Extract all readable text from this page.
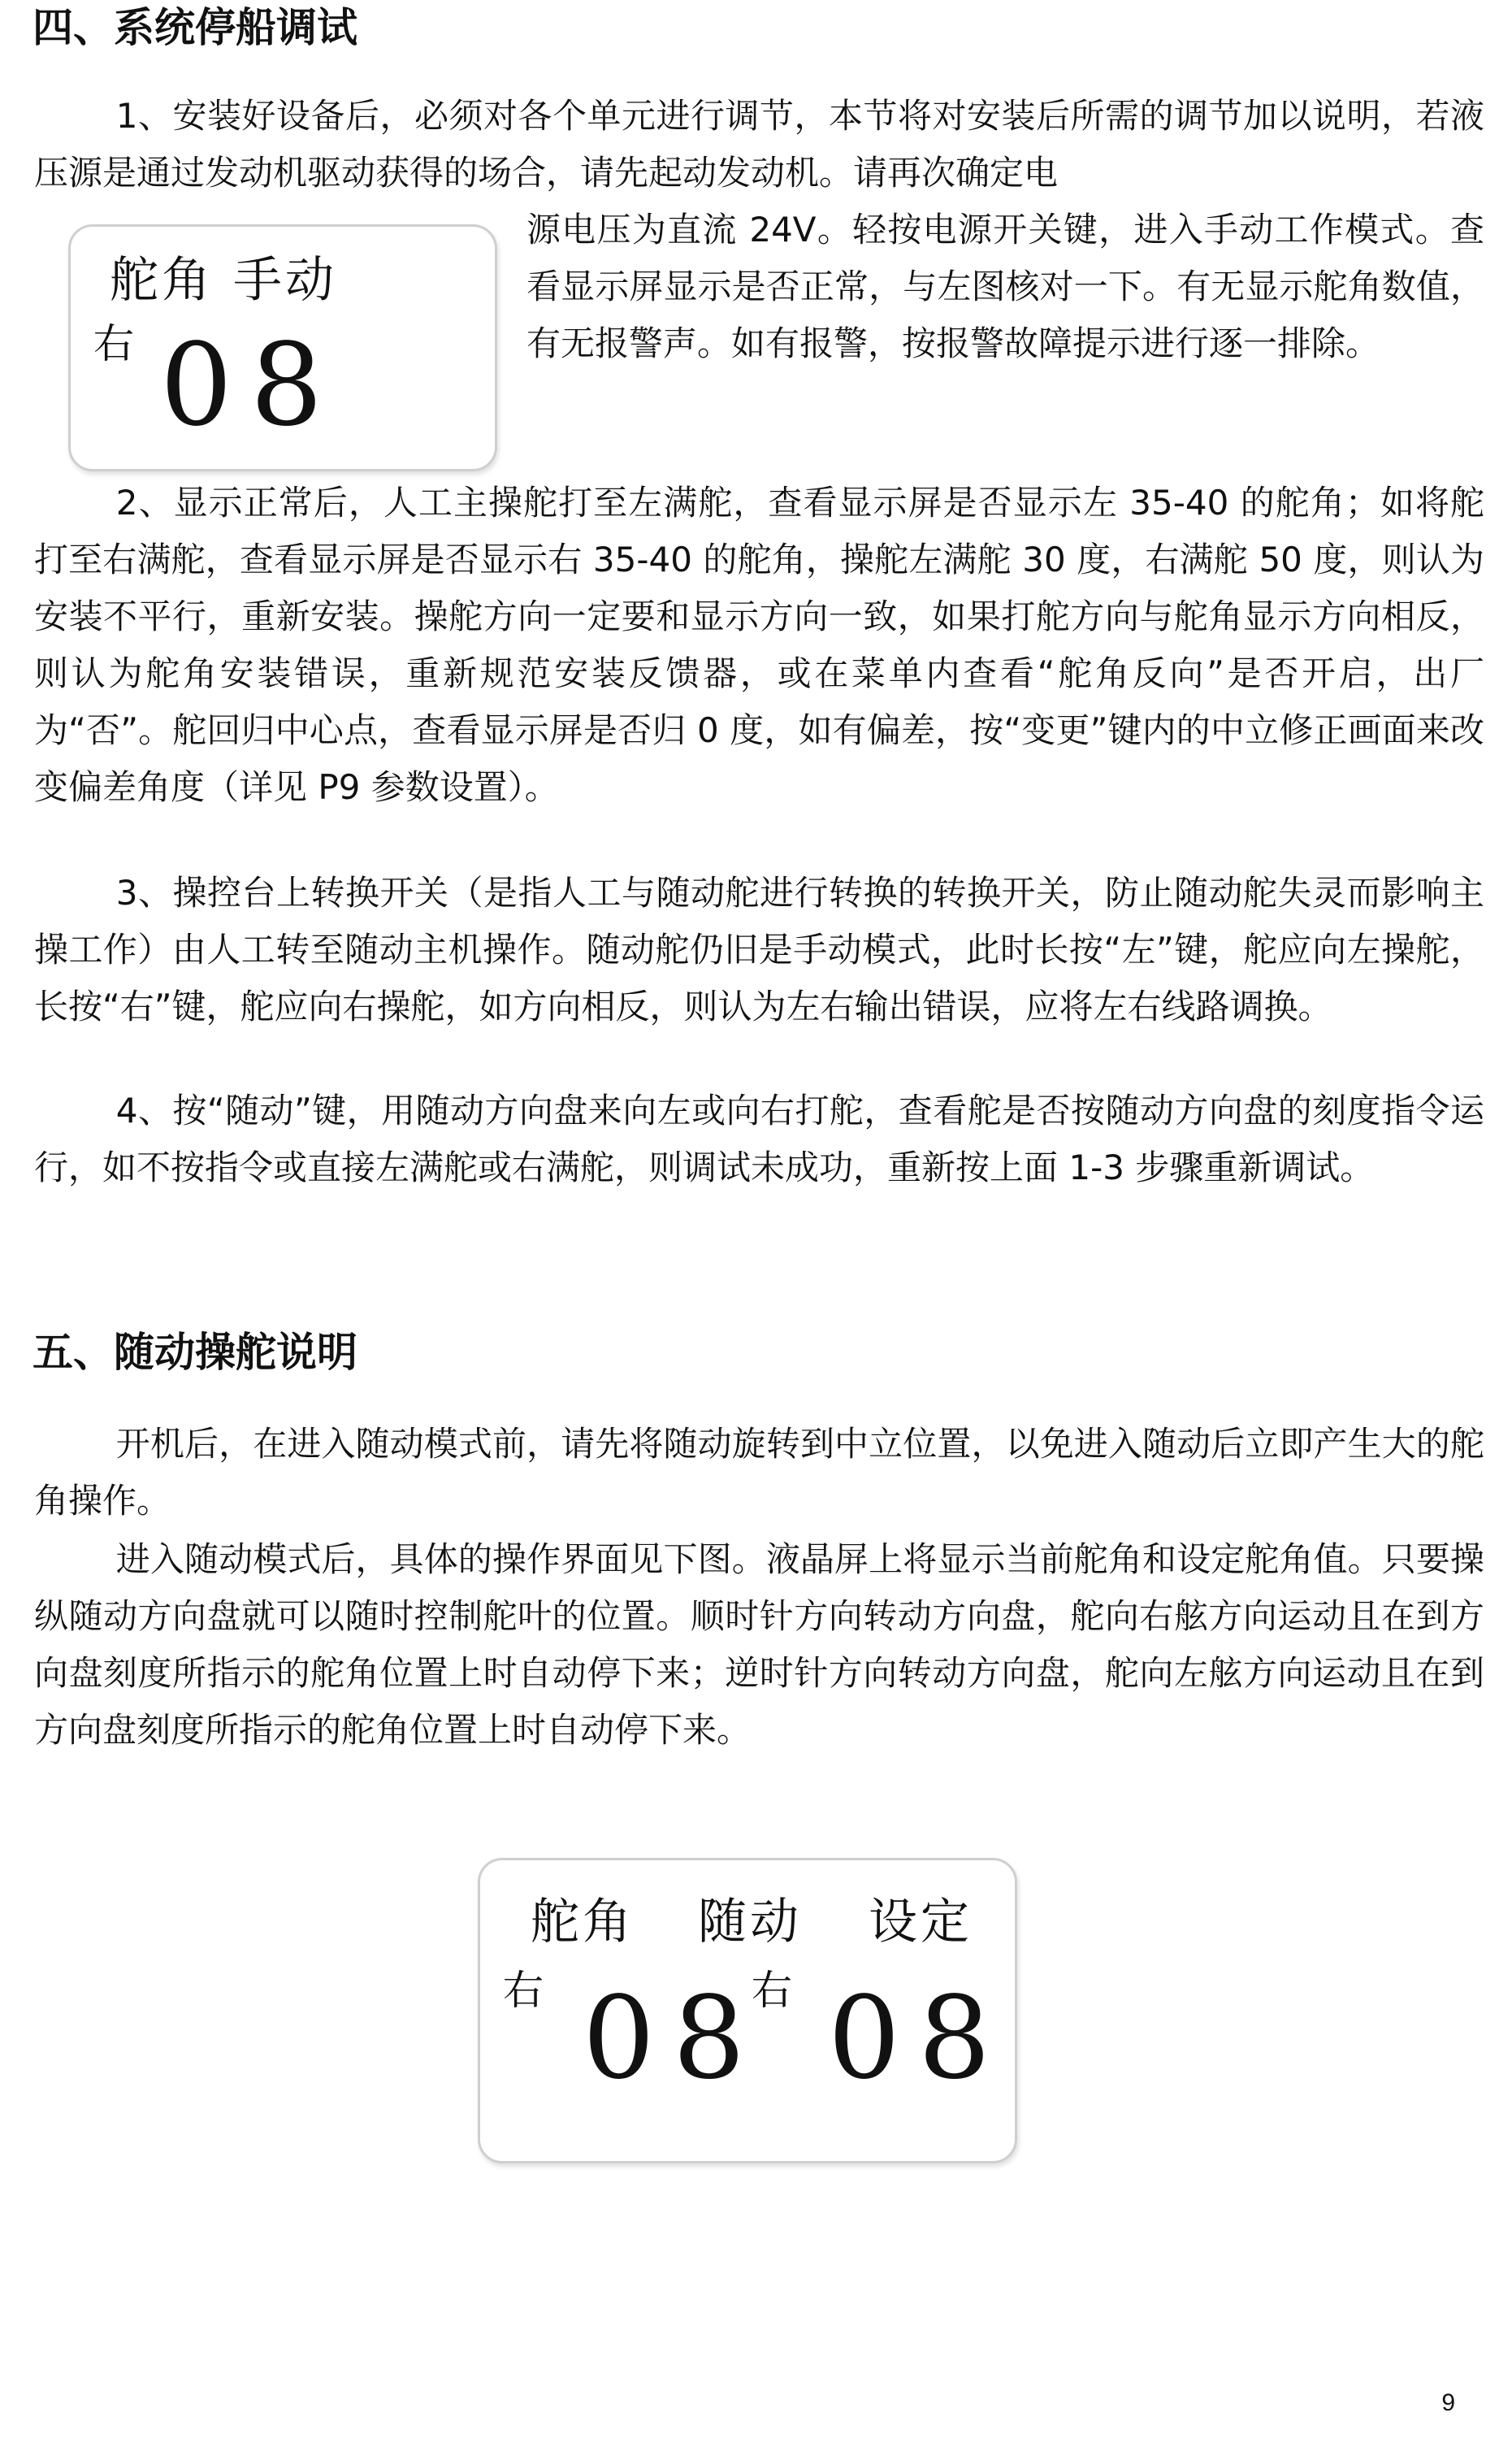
四、系统停船调试

1、安装好设备后，必须对各个单元进行调节，本节将对安装后所需的调节加以说明，若液压源是通过发动机驱动获得的场合，请先起动发动机。请再次确定电

舵角 手动
右 08

源电压为直流 24V。轻按电源开关键，进入手动工作模式。查看显示屏显示是否正常，与左图核对一下。有无显示舵角数值，有无报警声。如有报警，按报警故障提示进行逐一排除。

2、显示正常后，人工主操舵打至左满舵，查看显示屏是否显示左 35-40 的舵角；如将舵打至右满舵，查看显示屏是否显示右 35-40 的舵角，操舵左满舵 30 度，右满舵 50 度，则认为安装不平行，重新安装。操舵方向一定要和显示方向一致，如果打舵方向与舵角显示方向相反，则认为舵角安装错误，重新规范安装反馈器，或在菜单内查看“舵角反向”是否开启，出厂为“否”。舵回归中心点，查看显示屏是否归 0 度，如有偏差，按“变更”键内的中立修正画面来改变偏差角度（详见 P9 参数设置）。

3、操控台上转换开关（是指人工与随动舵进行转换的转换开关，防止随动舵失灵而影响主操工作）由人工转至随动主机操作。随动舵仍旧是手动模式，此时长按“左”键，舵应向左操舵，长按“右”键，舵应向右操舵，如方向相反，则认为左右输出错误，应将左右线路调换。

4、按“随动”键，用随动方向盘来向左或向右打舵，查看舵是否按随动方向盘的刻度指令运行，如不按指令或直接左满舵或右满舵，则调试未成功，重新按上面 1-3 步骤重新调试。

五、随动操舵说明

开机后，在进入随动模式前，请先将随动旋转到中立位置，以免进入随动后立即产生大的舵角操作。

进入随动模式后，具体的操作界面见下图。液晶屏上将显示当前舵角和设定舵角值。只要操纵随动方向盘就可以随时控制舵叶的位置。顺时针方向转动方向盘，舵向右舷方向运动且在到方向盘刻度所指示的舵角位置上时自动停下来；逆时针方向转动方向盘，舵向左舷方向运动且在到方向盘刻度所指示的舵角位置上时自动停下来。

舵角 随动 设定
右 08
右 08
9
